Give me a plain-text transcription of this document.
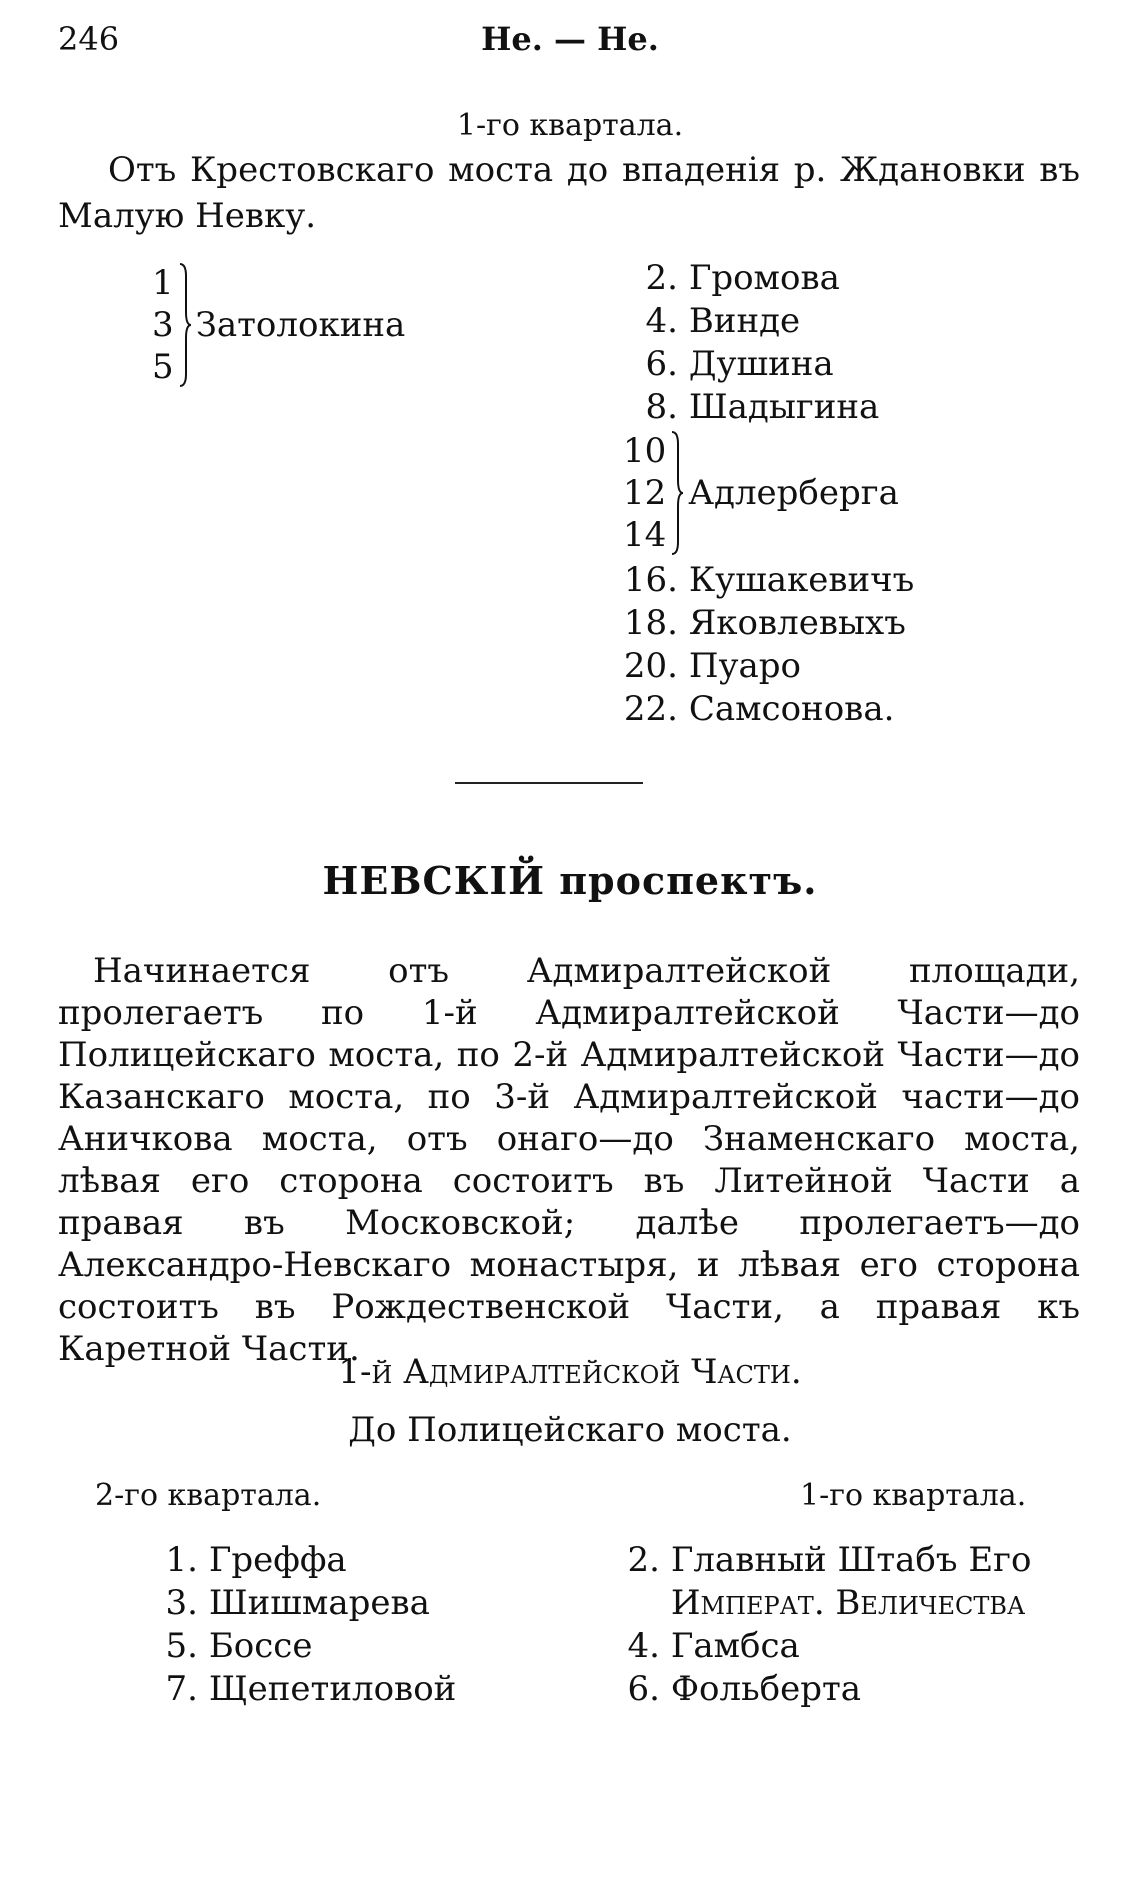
246	Не. — Не.
1-го квартала.
Отъ Крестовскаго моста до впаденія р. Ждановки въ
Малую Невку.
1
3
5
Затолокина
2.
Громова
4.
Винде
6.
Душина
8.
Шадыгина
10
12
14
Адлерберга
16.
Кушакевичъ
18.
Яковлевыхъ
20.
Пуаро
22.
Самсонова.
НЕВСКІЙ проспектъ.

Начинается отъ Адмиралтейской площади, пролегаетъ по 1-й Адмиралтейской Части—до Полицейскаго моста, по 2-й Адмиралтейской Части—до Казанскаго моста, по 3-й Адмиралтейской части—до Аничкова моста, отъ онаго—до Знаменскаго моста, лѣвая его сторона состоитъ въ Литейной Части а правая въ Московской; далѣе пролегаетъ—до Александро-Невскаго монастыря, и лѣвая его сторона состоитъ въ Рождественской Части, а правая къ Каретной Части.

1-й Адмиралтейской Части.
До Полицейскаго моста.
2-го квартала.	1-го квартала.
1.
Греффа
3.
Шишмарева
5.
Боссе
7.
Щепетиловой
2.
Главный Штабъ Его

Императ. Величества
4.
Гамбса
6.
Фольберта
